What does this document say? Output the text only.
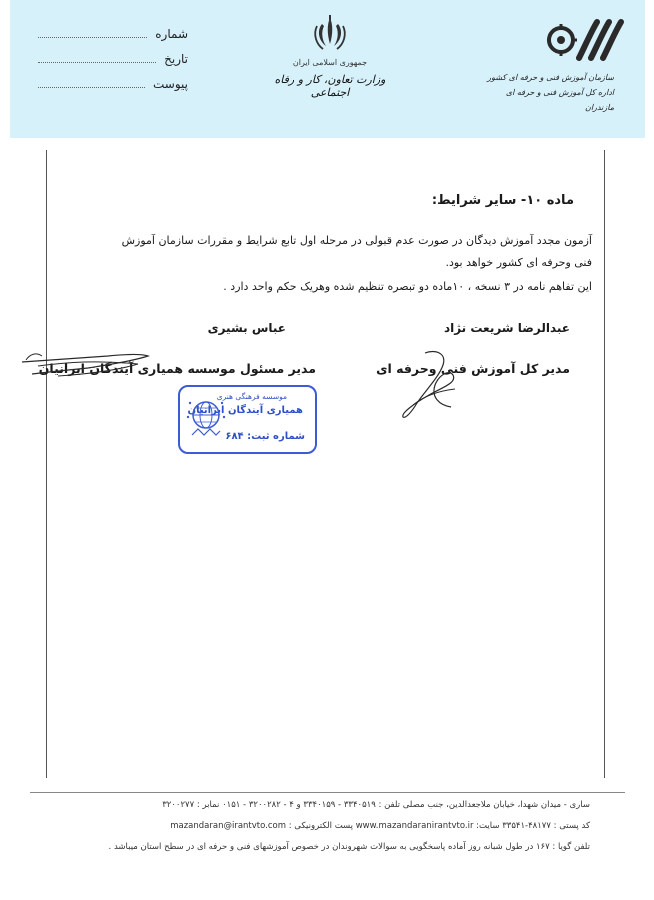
شماره
تاریخ
پیوست
جمهوری اسلامی ایران
وزارت تعاون، کار و رفاه اجتماعی
سازمان آموزش فنی و حرفه ای کشور
اداره کل آموزش فنی و حرفه ای مازندران
ماده ۱۰- سایر شرایط:

آزمون مجدد آموزش دیدگان در صورت عدم قبولی در مرحله اول تابع شرایط و مقررات سازمان آموزش

فنی وحرفه ای کشور خواهد بود.

این تفاهم نامه در ۳ نسخه ، ۱۰ماده دو تبصره تنظیم شده وهریک حکم واحد دارد .

عبدالرضا شریعت نژاد
عباس بشیری
مدیر کل آموزش فنی وحرفه ای
مدیر مسئول موسسه همیاری آیندگان ایرانیان
موسسه فرهنگی هنری
همیاری آیندگان ایرانیان
شماره ثبت: ۶۸۴
ساری - میدان شهدا، خیابان ملاجعدالدین، جنب مصلی تلفن : ۳۳۴۰۵۱۹ - ۳۳۴۰۱۵۹ و ۴ - ۳۲۰۰۲۸۲ - ۰۱۵۱ نمابر : ۳۲۰۰۲۷۷
کد پستی : ۴۸۱۷۷-۳۳۵۴۱ سایت: www.mazandaranirantvto.ir پست الکترونیکی : mazandaran@irantvto.com
تلفن گویا : ۱۶۷ در طول شبانه روز آماده پاسخگویی به سوالات شهروندان در خصوص آموزشهای فنی و حرفه ای در سطح استان میباشد .
